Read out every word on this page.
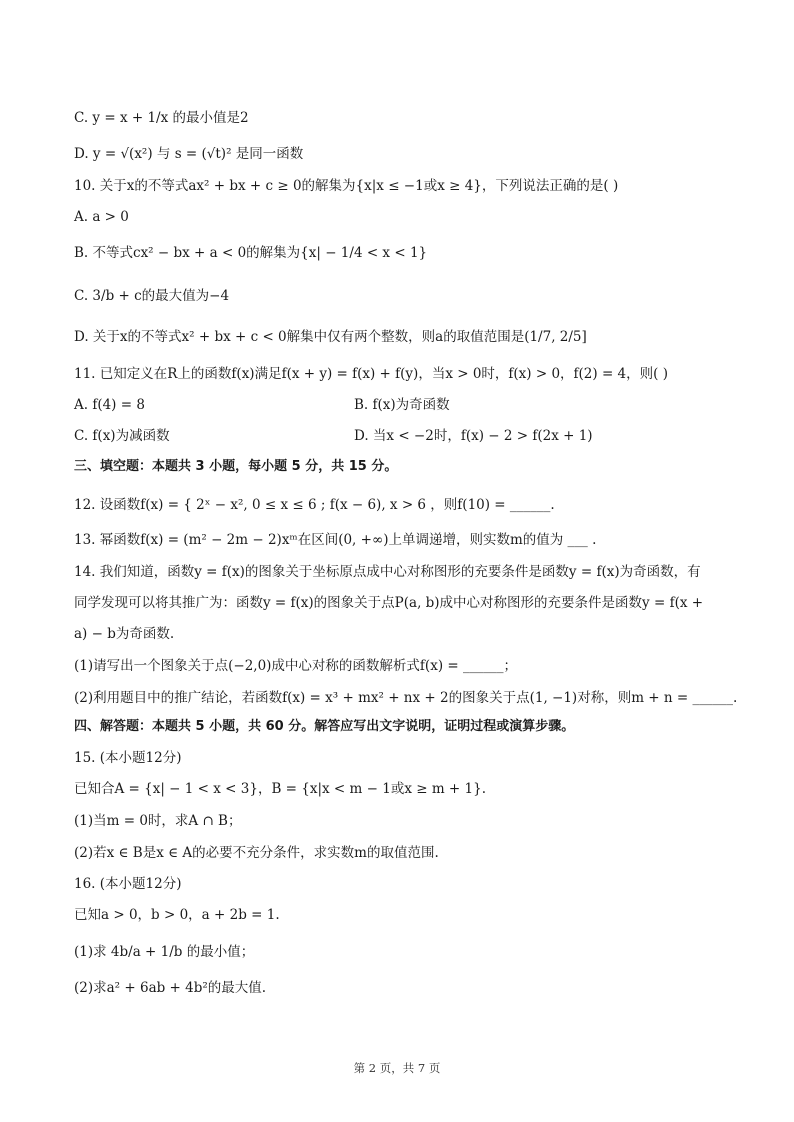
C. y = x + 1/x 的最小值是2
D. y = √(x²) 与 s = (√t)² 是同一函数
10. 关于x的不等式ax² + bx + c ≥ 0的解集为{x|x ≤ −1或x ≥ 4}，下列说法正确的是( )
A. a > 0
B. 不等式cx² − bx + a < 0的解集为{x| − 1/4 < x < 1}
C. 3/b + c的最大值为−4
D. 关于x的不等式x² + bx + c < 0解集中仅有两个整数，则a的取值范围是(1/7, 2/5]
11. 已知定义在R上的函数f(x)满足f(x + y) = f(x) + f(y)，当x > 0时，f(x) > 0，f(2) = 4，则( )
A. f(4) = 8	B. f(x)为奇函数
C. f(x)为减函数	D. 当x < −2时，f(x) − 2 > f(2x + 1)
三、填空题：本题共 3 小题，每小题 5 分，共 15 分。
12. 设函数f(x) = { 2ˣ − x², 0 ≤ x ≤ 6 ; f(x − 6), x > 6 ，则f(10) = ______.
13. 幂函数f(x) = (m² − 2m − 2)xᵐ在区间(0, +∞)上单调递增，则实数m的值为 ___ .
14. 我们知道，函数y = f(x)的图象关于坐标原点成中心对称图形的充要条件是函数y = f(x)为奇函数，有
同学发现可以将其推广为：函数y = f(x)的图象关于点P(a, b)成中心对称图形的充要条件是函数y = f(x +
a) − b为奇函数.
(1)请写出一个图象关于点(−2,0)成中心对称的函数解析式f(x) = ______；
(2)利用题目中的推广结论，若函数f(x) = x³ + mx² + nx + 2的图象关于点(1, −1)对称，则m + n = ______.
四、解答题：本题共 5 小题，共 60 分。解答应写出文字说明，证明过程或演算步骤。
15. (本小题12分)
已知合A = {x| − 1 < x < 3}，B = {x|x < m − 1或x ≥ m + 1}.
(1)当m = 0时，求A ∩ B；
(2)若x ∈ B是x ∈ A的必要不充分条件，求实数m的取值范围.
16. (本小题12分)
已知a > 0，b > 0，a + 2b = 1.
(1)求 4b/a + 1/b 的最小值；
(2)求a² + 6ab + 4b²的最大值.
第 2 页，共 7 页
